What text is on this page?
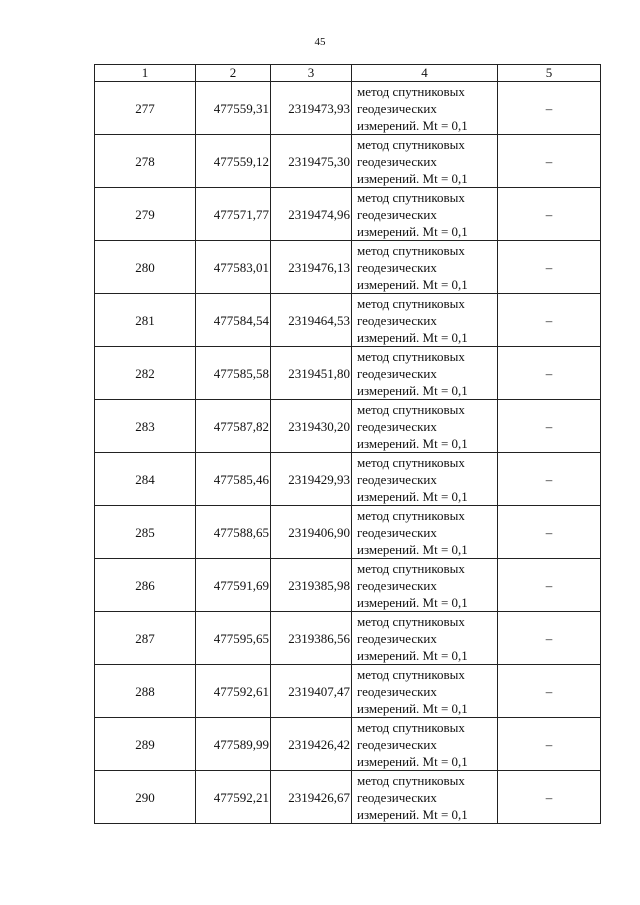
45
1	2	3	4	5
277	477559,31	2319473,93	метод спутниковых
геодезических
измерений. Mt = 0,1	–
278	477559,12	2319475,30	метод спутниковых
геодезических
измерений. Mt = 0,1	–
279	477571,77	2319474,96	метод спутниковых
геодезических
измерений. Mt = 0,1	–
280	477583,01	2319476,13	метод спутниковых
геодезических
измерений. Mt = 0,1	–
281	477584,54	2319464,53	метод спутниковых
геодезических
измерений. Mt = 0,1	–
282	477585,58	2319451,80	метод спутниковых
геодезических
измерений. Mt = 0,1	–
283	477587,82	2319430,20	метод спутниковых
геодезических
измерений. Mt = 0,1	–
284	477585,46	2319429,93	метод спутниковых
геодезических
измерений. Mt = 0,1	–
285	477588,65	2319406,90	метод спутниковых
геодезических
измерений. Mt = 0,1	–
286	477591,69	2319385,98	метод спутниковых
геодезических
измерений. Mt = 0,1	–
287	477595,65	2319386,56	метод спутниковых
геодезических
измерений. Mt = 0,1	–
288	477592,61	2319407,47	метод спутниковых
геодезических
измерений. Mt = 0,1	–
289	477589,99	2319426,42	метод спутниковых
геодезических
измерений. Mt = 0,1	–
290	477592,21	2319426,67	метод спутниковых
геодезических
измерений. Mt = 0,1	–
